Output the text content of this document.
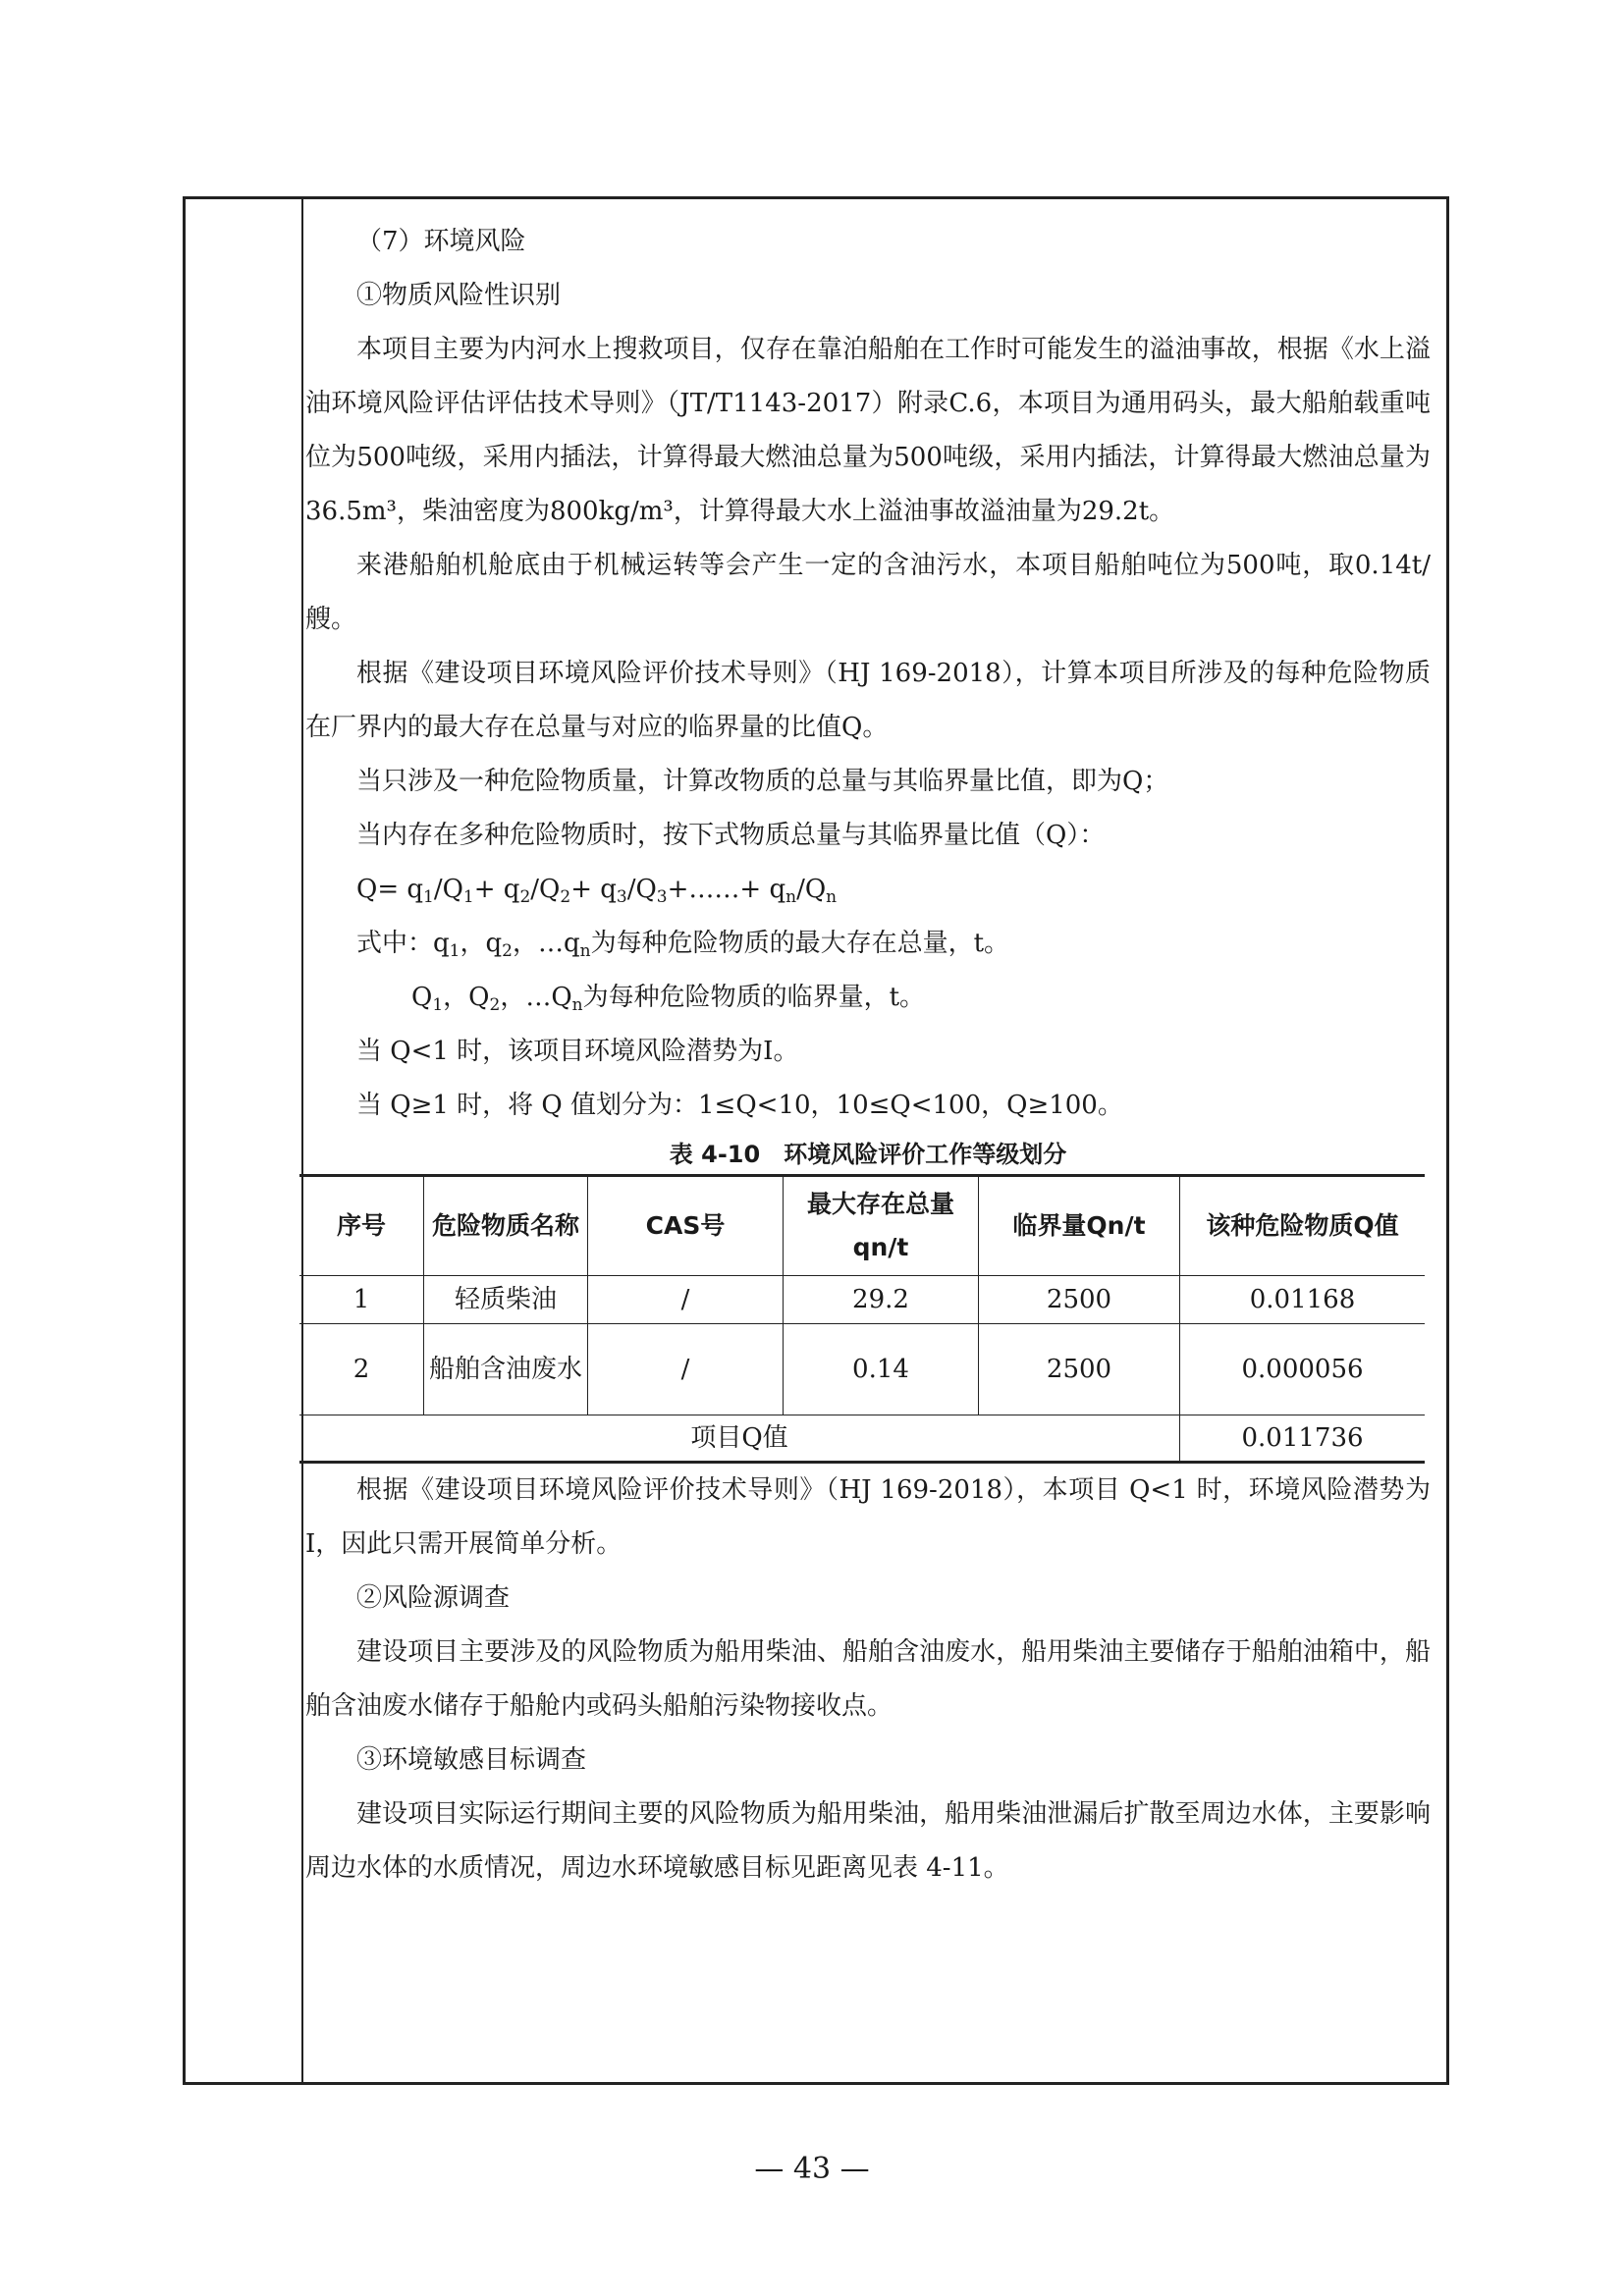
（7）环境风险

①物质风险性识别

本项目主要为内河水上搜救项目，仅存在靠泊船舶在工作时可能发生的溢油事故，根据《水上溢油环境风险评估评估技术导则》（JT/T1143-2017）附录C.6，本项目为通用码头，最大船舶载重吨位为500吨级，采用内插法，计算得最大燃油总量为500吨级，采用内插法，计算得最大燃油总量为36.5m³，柴油密度为800kg/m³，计算得最大水上溢油事故溢油量为29.2t。

来港船舶机舱底由于机械运转等会产生一定的含油污水，本项目船舶吨位为500吨，取0.14t/艘。

根据《建设项目环境风险评价技术导则》（HJ 169-2018），计算本项目所涉及的每种危险物质在厂界内的最大存在总量与对应的临界量的比值Q。

当只涉及一种危险物质量，计算改物质的总量与其临界量比值，即为Q；

当内存在多种危险物质时，按下式物质总量与其临界量比值（Q）：

$Q= q_1/Q_1+ q_2/Q_2+$ $q_3/Q_3+\dots\dots+ q_n/Q_n$

式中：$q_1$，$q_2$，$\dots q_n$为每种危险物质的最大存在总量，t。

$Q_1$，$Q_2$，$\dots Q_n$为每种危险物质的临界量，t。

当 Q<1 时，该项目环境风险潜势为Ⅰ。

当 Q≥1 时，将 Q 值划分为：1≤Q<10，10≤Q<100，Q≥100。

表 4-10　环境风险评价工作等级划分
序号	危险物质名称	CAS号	最大存在总量qn/t	临界量Qn/t	该种危险物质Q值
1	轻质柴油	/	29.2	2500	0.01168
2	船舶含油废水	/	0.14	2500	0.000056
项目Q值					0.011736

根据《建设项目环境风险评价技术导则》（HJ 169-2018），本项目 Q<1 时，环境风险潜势为Ⅰ，因此只需开展简单分析。

②风险源调查

建设项目主要涉及的风险物质为船用柴油、船舶含油废水，船用柴油主要储存于船舶油箱中，船舶含油废水储存于船舱内或码头船舶污染物接收点。

③环境敏感目标调查

建设项目实际运行期间主要的风险物质为船用柴油，船用柴油泄漏后扩散至周边水体，主要影响周边水体的水质情况，周边水环境敏感目标见距离见表 4-11。

— 43 —
